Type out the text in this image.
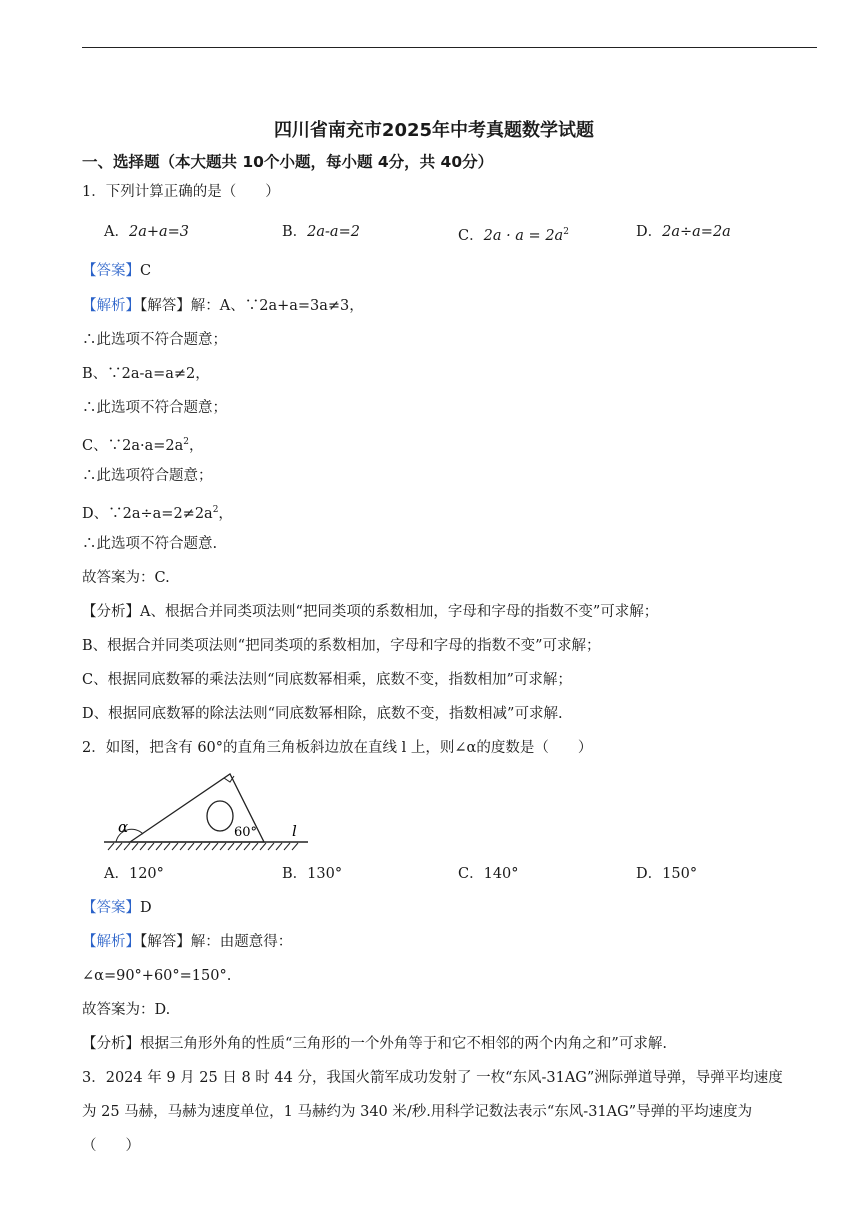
四川省南充市2025年中考真题数学试题
一、选择题（本大题共 10个小题，每小题 4分，共 40分）
1．下列计算正确的是（　　）
A．2a+a=3	B．2a-a=2	C．$2a \cdot a = 2a^2$	D．2a÷a=2a
【答案】C
【解析】【解答】解：A、∵2a+a=3a≠3，
∴此选项不符合题意；
B、∵2a-a=a≠2，
∴此选项不符合题意；
C、$\because 2a\cdot a=2a^2$，
∴此选项符合题意；
D、$\because 2a\div a=2\ne 2a^2$，
∴此选项不符合题意.
故答案为：C.
【分析】A、根据合并同类项法则“把同类项的系数相加，字母和字母的指数不变”可求解；
B、根据合并同类项法则“把同类项的系数相加，字母和字母的指数不变”可求解；
C、根据同底数幂的乘法法则“同底数幂相乘，底数不变，指数相加”可求解；
D、根据同底数幂的除法法则“同底数幂相除，底数不变，指数相减”可求解.
2．如图，把含有 60°的直角三角板斜边放在直线 l 上，则∠α的度数是（　　）
α	60° l
A．120°	B．130°	C．140°	D．150°
【答案】D
【解析】【解答】解：由题意得：
∠α=90°+60°=150°.
故答案为：D.
【分析】根据三角形外角的性质“三角形的一个外角等于和它不相邻的两个内角之和”可求解.
3．2024 年 9 月 25 日 8 时 44 分，我国火箭军成功发射了 一枚“东风-31AG”洲际弹道导弹，导弹平均速度
为 25 马赫，马赫为速度单位，1 马赫约为 340 米/秒.用科学记数法表示“东风-31AG”导弹的平均速度为
（　　）
